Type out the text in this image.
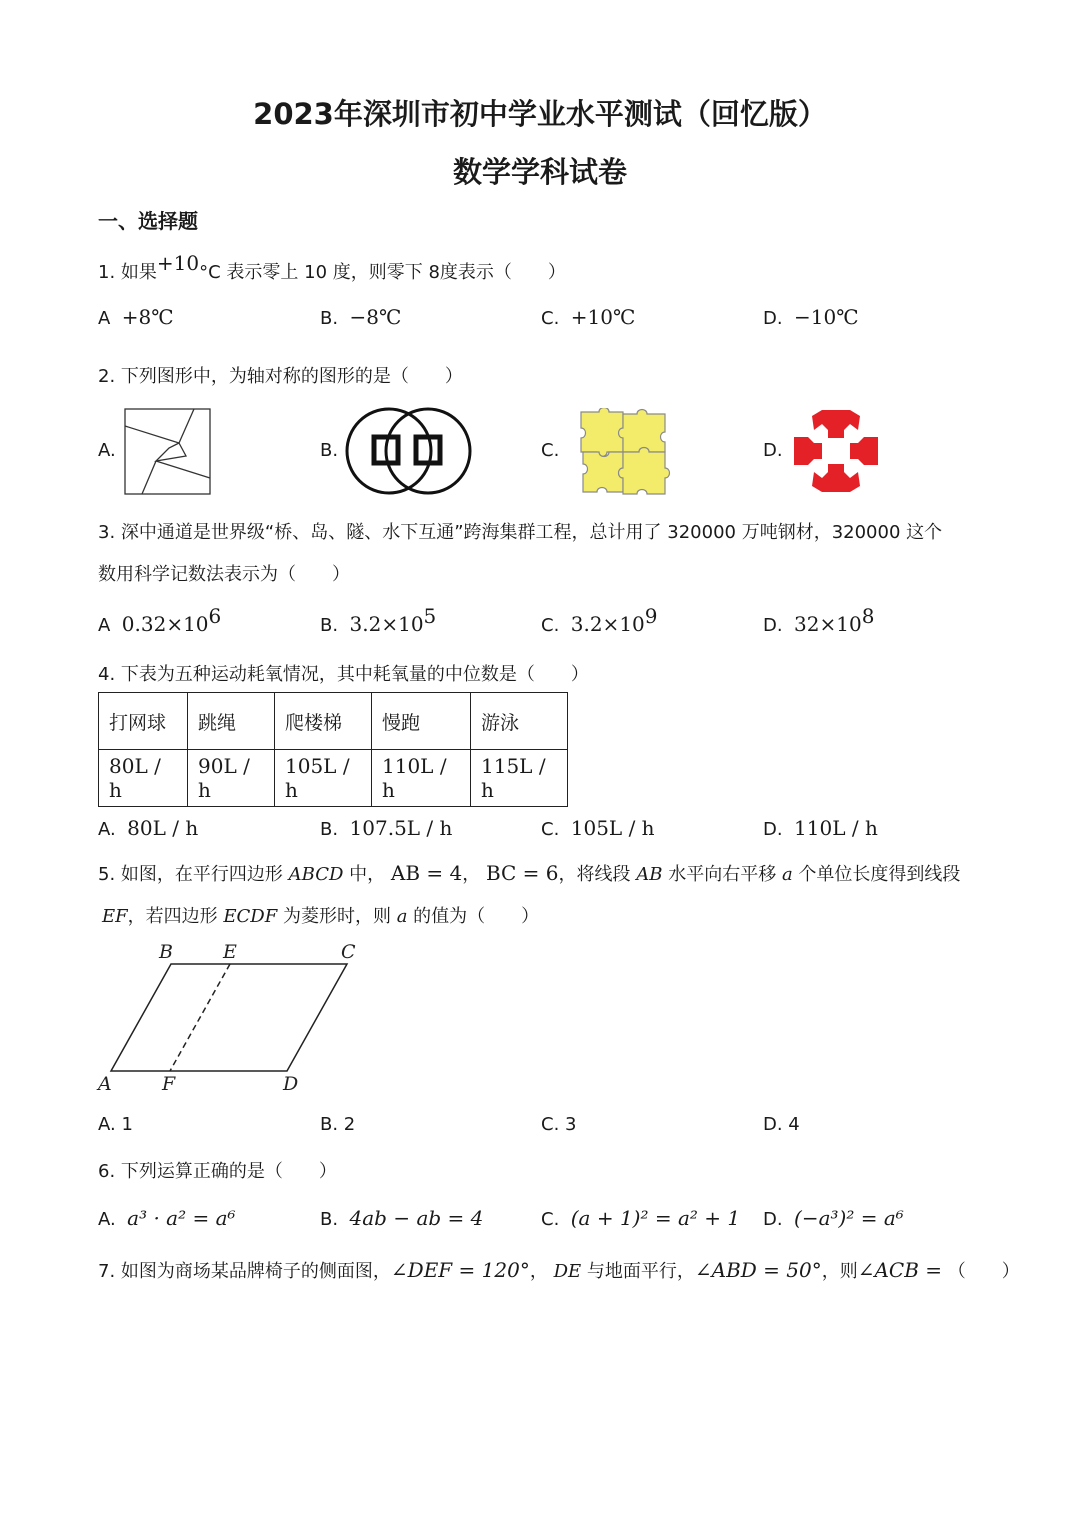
2023年深圳市初中学业水平测试（回忆版）
数学学科试卷
一、选择题
1. 如果+10°C 表示零上 10 度，则零下 8度表示（　　）
A +8℃	B. −8℃	C. +10℃	D. −10℃
2. 下列图形中，为轴对称的图形的是（　　）
A.	B.	C.	D.
3. 深中通道是世界级“桥、岛、隧、水下互通”跨海集群工程，总计用了 320000 万吨钢材，320000 这个
数用科学记数法表示为（　　）
A $0.32\times 10^6$	B. $3.2\times 10^5$	C. $3.2\times 10^9$	D. $32\times 10^8$
4. 下表为五种运动耗氧情况，其中耗氧量的中位数是（　　）
打网球	跳绳	爬楼梯	慢跑	游泳
80L / h	90L / h	105L / h	110L / h	115L / h
A. 80L / h	B. 107.5L / h	C. 105L / h	D. 110L / h
5. 如图，在平行四边形 ABCD 中， AB = 4， BC = 6，将线段 AB 水平向右平移 a 个单位长度得到线段
EF，若四边形 ECDF 为菱形时，则 a 的值为（　　）
B	E	C
A	F	D
A. 1	B. 2	C. 3	D. 4
6. 下列运算正确的是（　　）
A. a³ · a² = a⁶	B. 4ab − ab = 4	C. (a + 1)² = a² + 1 D. (−a³)² = a⁶
7. 如图为商场某品牌椅子的侧面图，∠DEF = 120°， DE 与地面平行，∠ABD = 50°，则∠ACB = （　　）
